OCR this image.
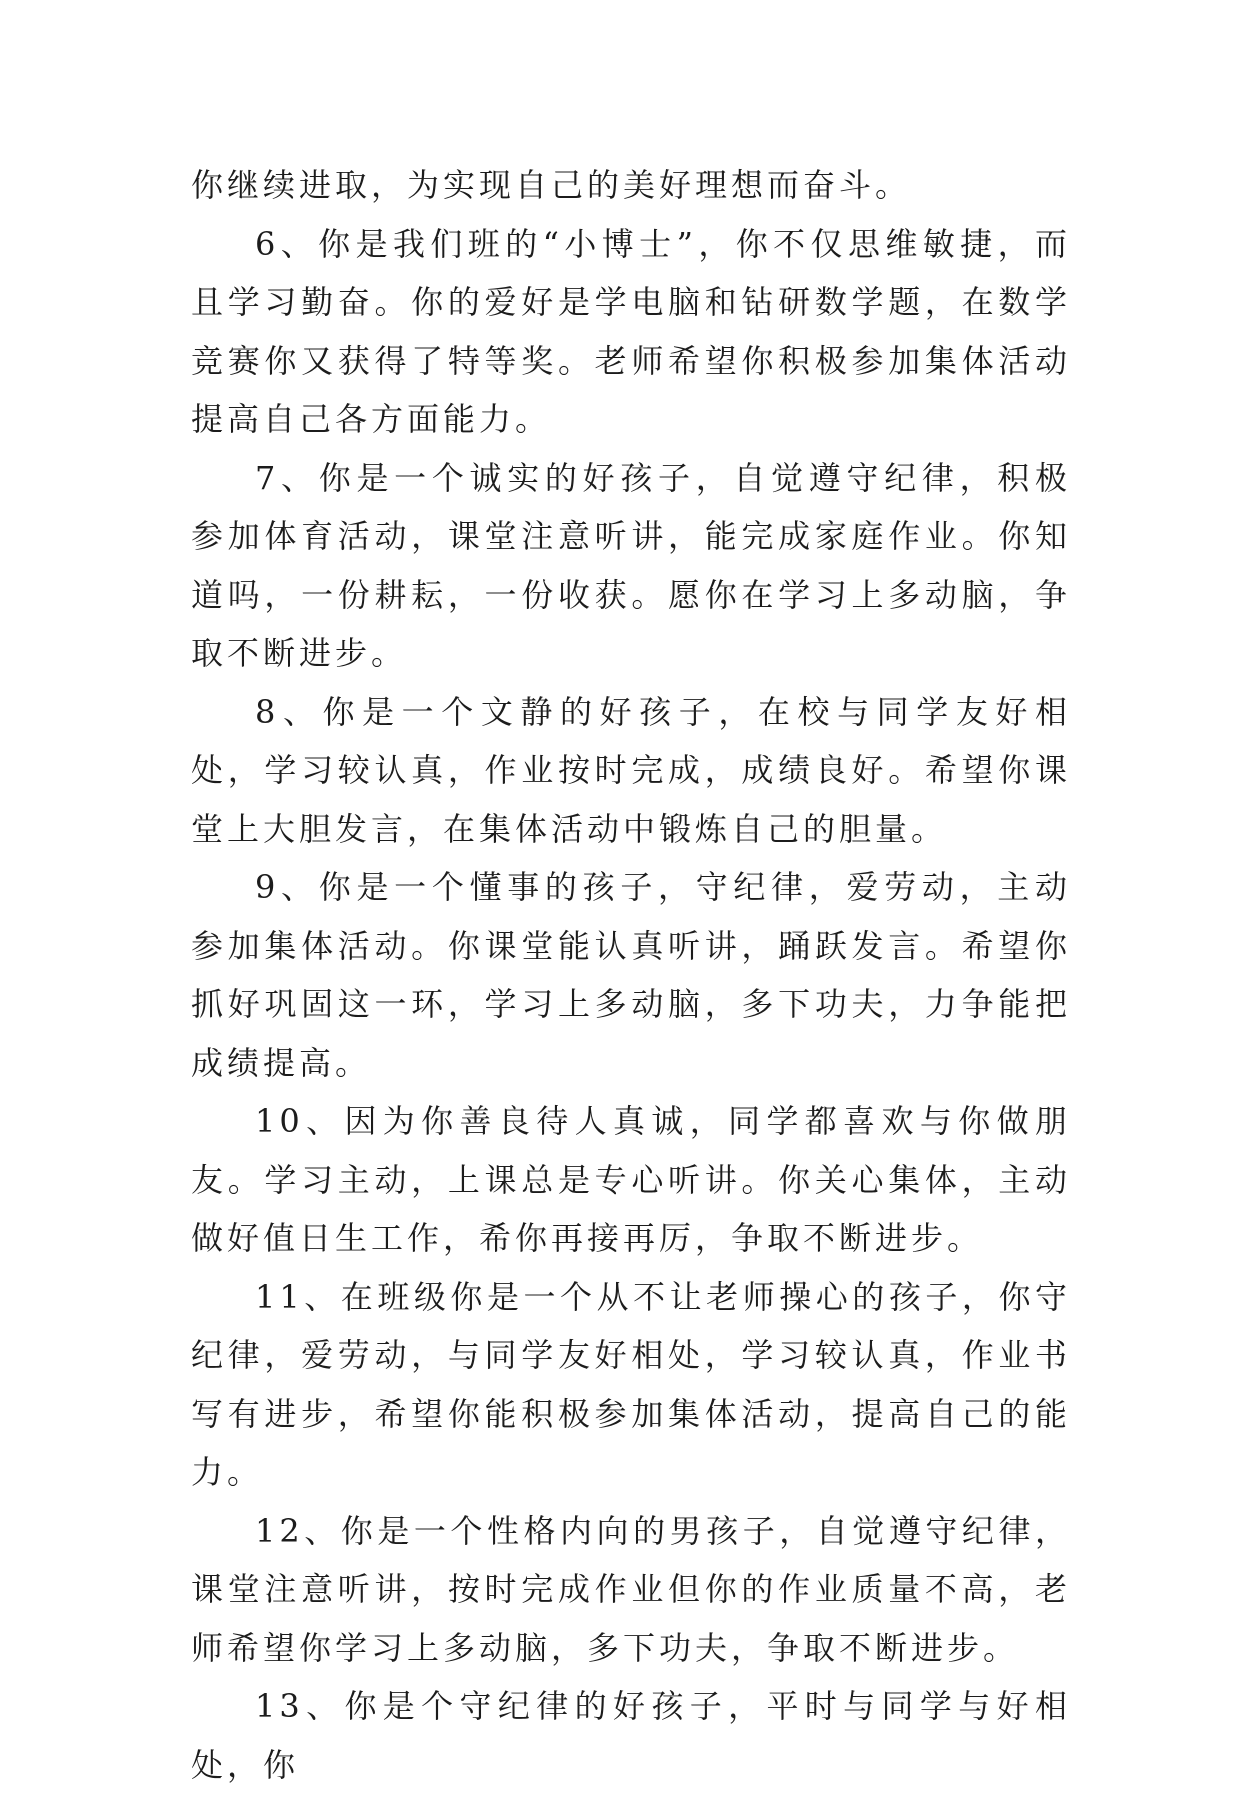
你继续进取，为实现自己的美好理想而奋斗。

6、你是我们班的“小博士”，你不仅思维敏捷，而且学习勤奋。你的爱好是学电脑和钻研数学题，在数学竞赛你又获得了特等奖。老师希望你积极参加集体活动提高自己各方面能力。

7、你是一个诚实的好孩子，自觉遵守纪律，积极参加体育活动，课堂注意听讲，能完成家庭作业。你知道吗，一份耕耘，一份收获。愿你在学习上多动脑，争取不断进步。

8、你是一个文静的好孩子，在校与同学友好相处，学习较认真，作业按时完成，成绩良好。希望你课堂上大胆发言，在集体活动中锻炼自己的胆量。

9、你是一个懂事的孩子，守纪律，爱劳动，主动参加集体活动。你课堂能认真听讲，踊跃发言。希望你抓好巩固这一环，学习上多动脑，多下功夫，力争能把成绩提高。

10、因为你善良待人真诚，同学都喜欢与你做朋友。学习主动，上课总是专心听讲。你关心集体，主动做好值日生工作，希你再接再厉，争取不断进步。

11、在班级你是一个从不让老师操心的孩子，你守纪律，爱劳动，与同学友好相处，学习较认真，作业书写有进步，希望你能积极参加集体活动，提高自己的能力。

12、你是一个性格内向的男孩子，自觉遵守纪律，课堂注意听讲，按时完成作业但你的作业质量不高，老师希望你学习上多动脑，多下功夫，争取不断进步。

13、你是个守纪律的好孩子，平时与同学与好相处，你
